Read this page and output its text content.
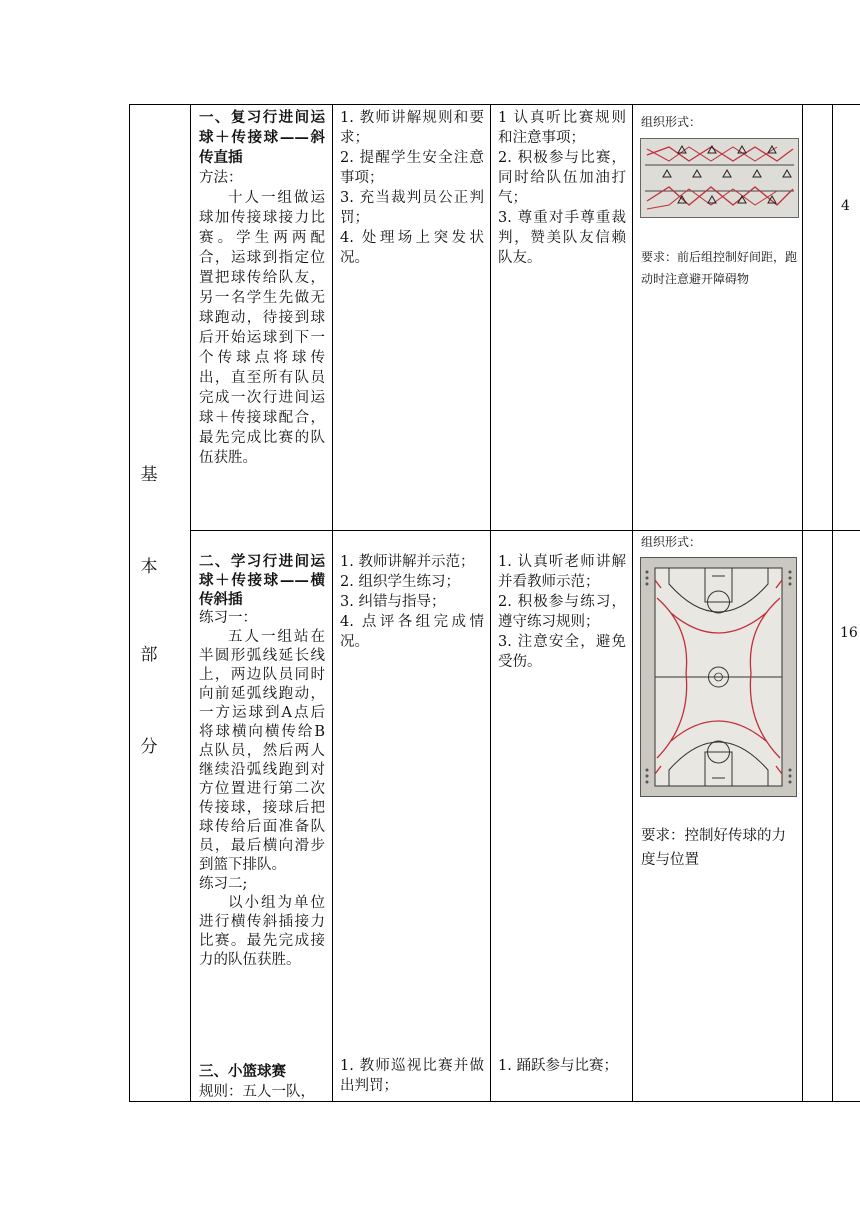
基
本
部
分

一、复习行进间运球＋传接球——斜传直插

方法：

十人一组做运球加传接球接力比赛。学生两两配合，运球到指定位置把球传给队友，另一名学生先做无球跑动，待接到球后开始运球到下一个传球点将球传出，直至所有队员完成一次行进间运球＋传接球配合，最先完成比赛的队伍获胜。

1. 教师讲解规则和要求；

2. 提醒学生安全注意事项；

3. 充当裁判员公正判罚；

4. 处理场上突发状况。

1 认真听比赛规则和注意事项；

2. 积极参与比赛，同时给队伍加油打气；

3. 尊重对手尊重裁判，赞美队友信赖队友。

组织形式：
要求：前后组控制好间距，跑动时注意避开障碍物
4

二、学习行进间运球＋传接球——横传斜插

练习一：

五人一组站在半圆形弧线延长线上，两边队员同时向前延弧线跑动，一方运球到A点后将球横向横传给B点队员，然后两人继续沿弧线跑到对方位置进行第二次传接球，接球后把球传给后面准备队员，最后横向滑步到篮下排队。

练习二;

以小组为单位进行横传斜插接力比赛。最先完成接力的队伍获胜。

1. 教师讲解并示范；

2. 组织学生练习；

3. 纠错与指导；

4. 点评各组完成情况。

1. 认真听老师讲解并看教师示范；

2. 积极参与练习，遵守练习规则；

3. 注意安全，避免受伤。

组织形式：
要求：控制好传球的力度与位置
16

三、小篮球赛

规则：五人一队，

1. 教师巡视比赛并做出判罚；

1. 踊跃参与比赛；
